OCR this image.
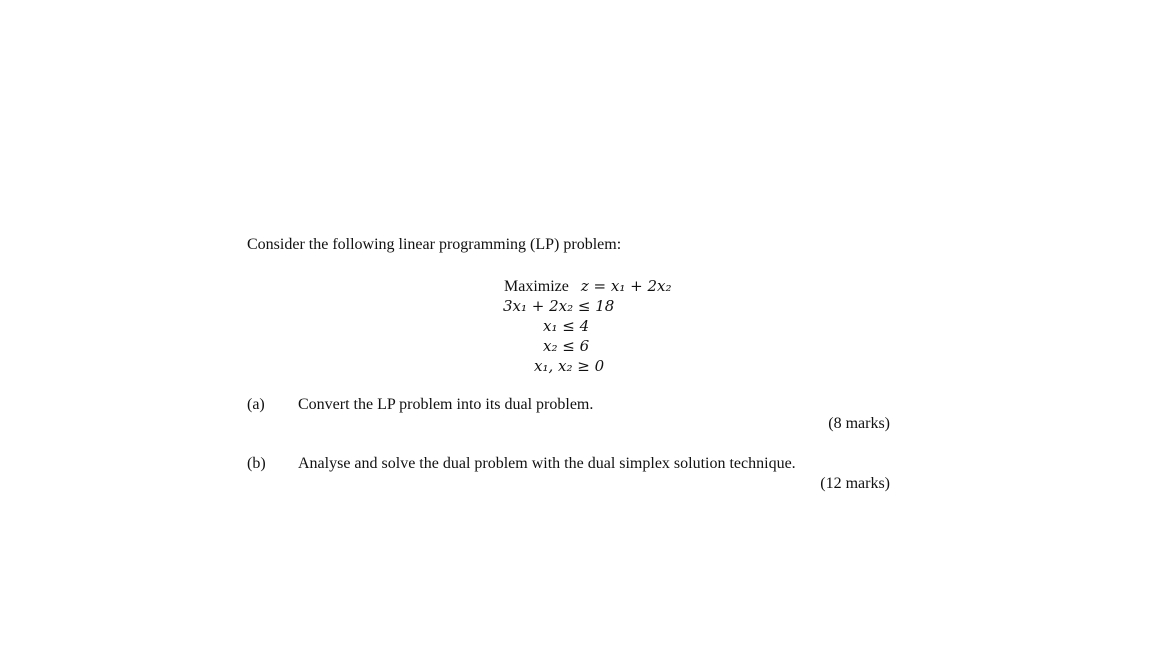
Consider the following linear programming (LP) problem:
Maximize z = x₁ + 2x₂
3x₁ + 2x₂ ≤ 18
x₁ ≤ 4
x₂ ≤ 6
x₁, x₂ ≥ 0
(a) Convert the LP problem into its dual problem.
(8 marks)
(b) Analyse and solve the dual problem with the dual simplex solution technique.
(12 marks)
